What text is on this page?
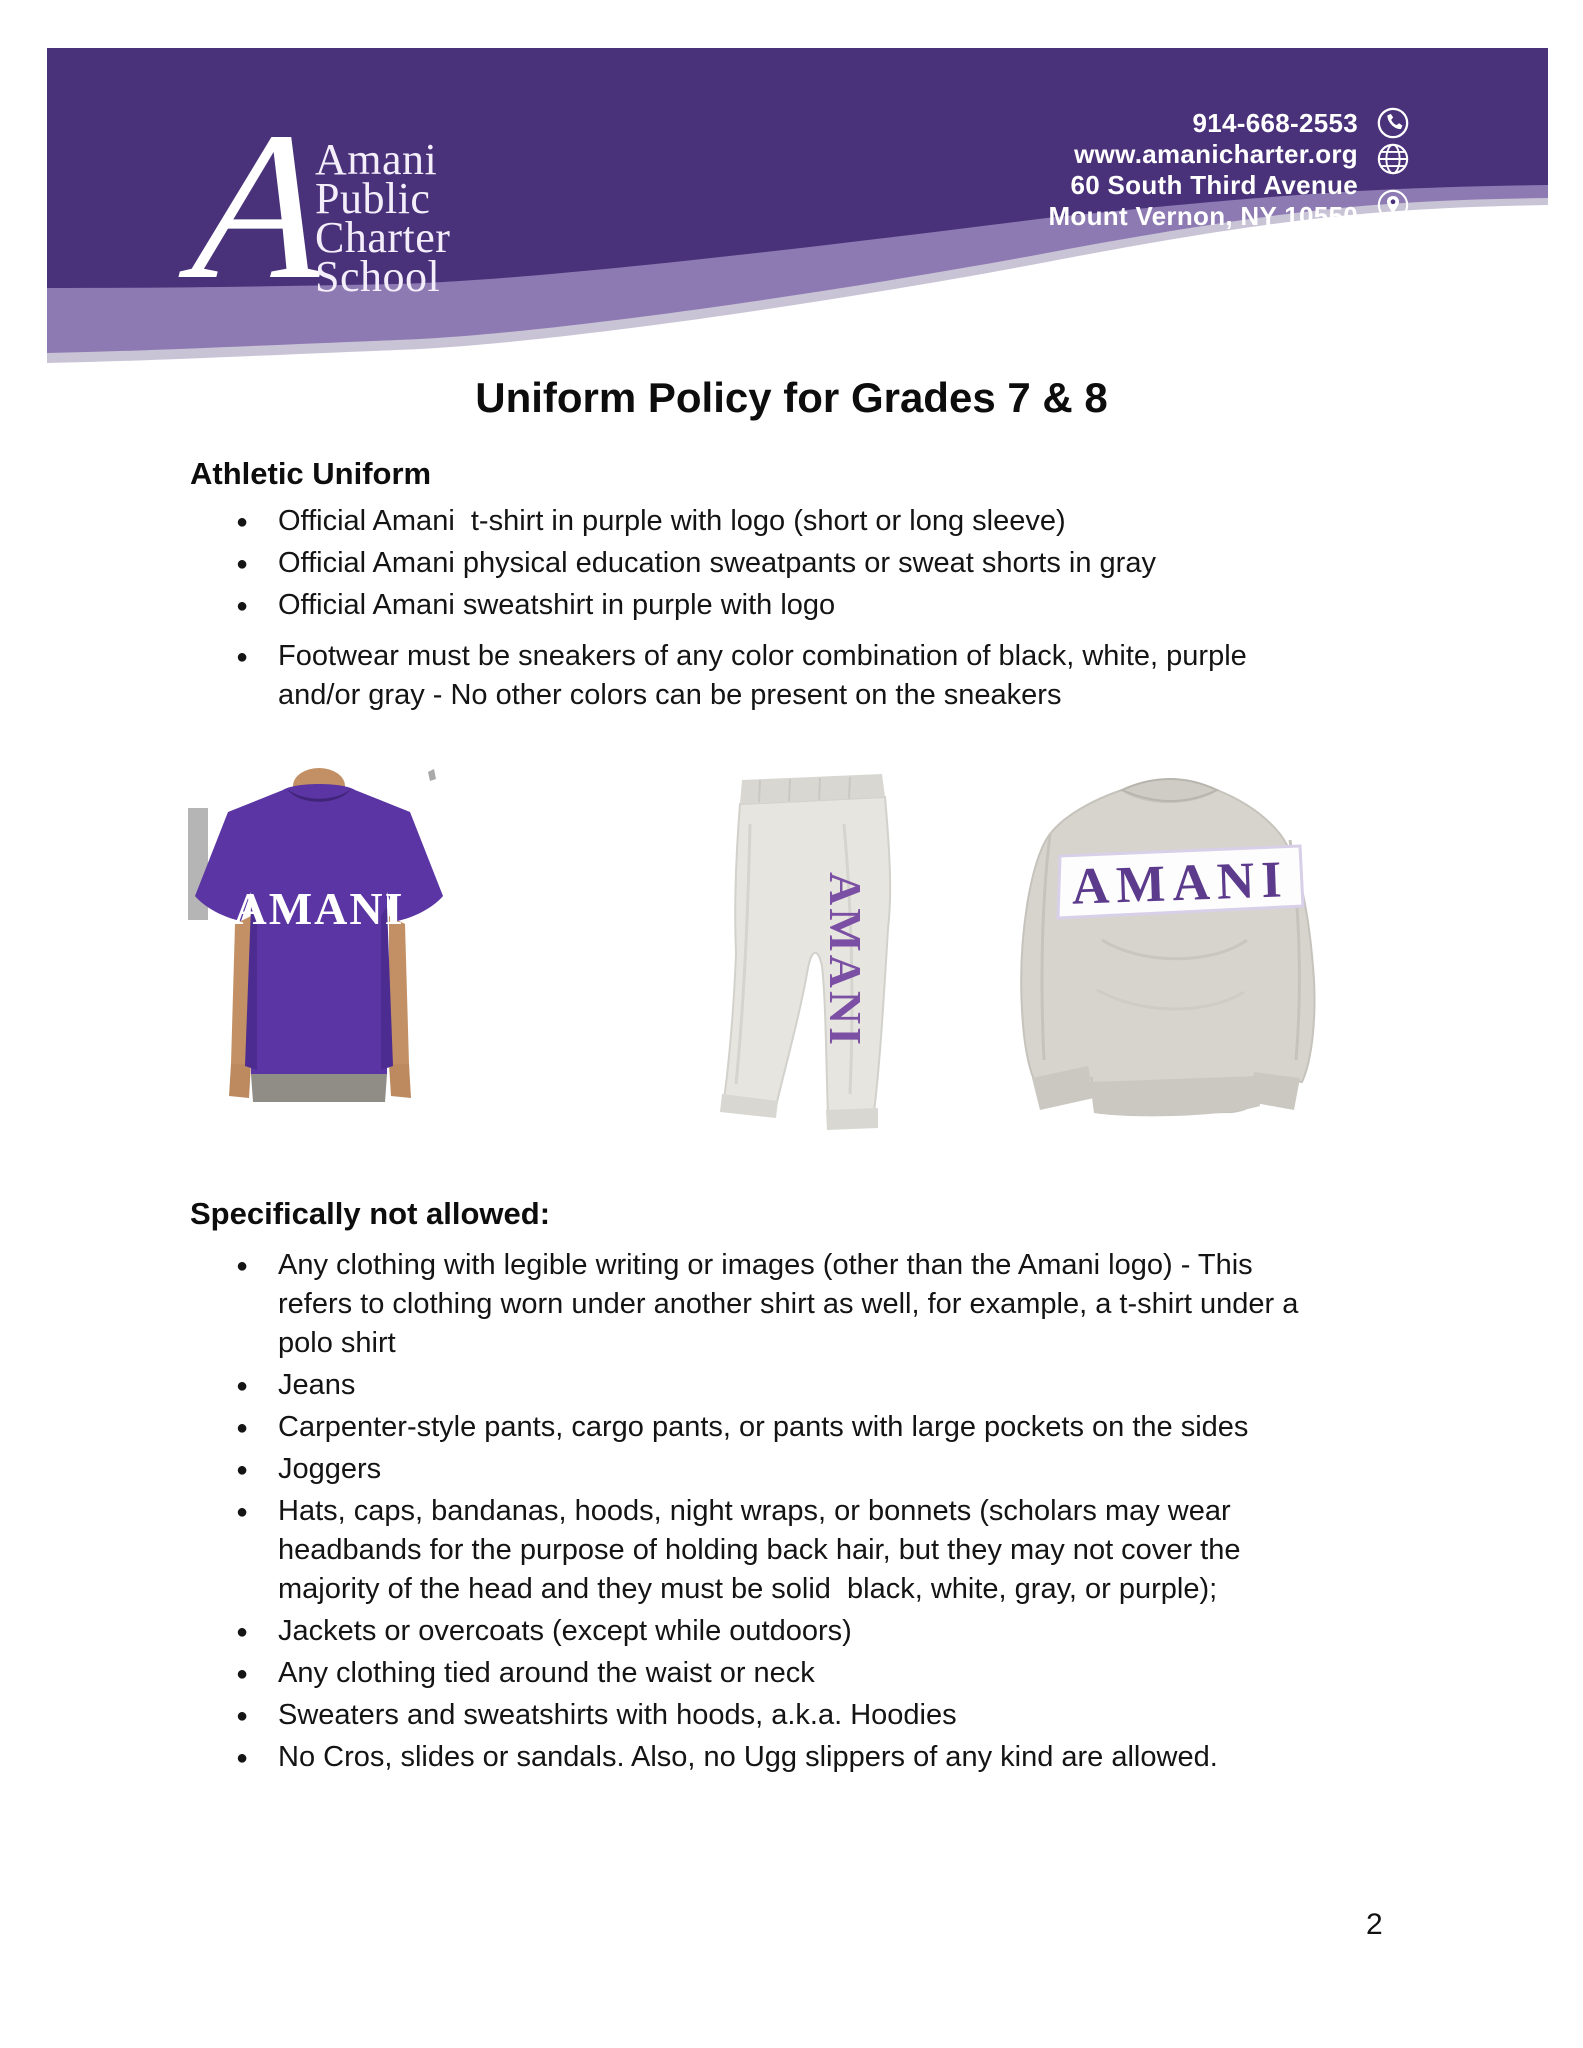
A
Amani
Public
Charter
School
914-668-2553
www.amanicharter.org
60 South Third Avenue
Mount Vernon, NY 10550
Uniform Policy for Grades 7 & 8
Athletic Uniform
● Official Amani  t-shirt in purple with logo (short or long sleeve)
● Official Amani physical education sweatpants or sweat shorts in gray
● Official Amani sweatshirt in purple with logo
● Footwear must be sneakers of any color combination of black, white, purple and/or gray - No other colors can be present on the sneakers
AMANI	AMANI	AMANI
Specifically not allowed:
● Any clothing with legible writing or images (other than the Amani logo) - This refers to clothing worn under another shirt as well, for example, a t-shirt under a polo shirt
● Jeans
● Carpenter-style pants, cargo pants, or pants with large pockets on the sides
● Joggers
● Hats, caps, bandanas, hoods, night wraps, or bonnets (scholars may wear headbands for the purpose of holding back hair, but they may not cover the majority of the head and they must be solid  black, white, gray, or purple);
● Jackets or overcoats (except while outdoors)
● Any clothing tied around the waist or neck
● Sweaters and sweatshirts with hoods, a.k.a. Hoodies
● No Cros, slides or sandals. Also, no Ugg slippers of any kind are allowed.
2
